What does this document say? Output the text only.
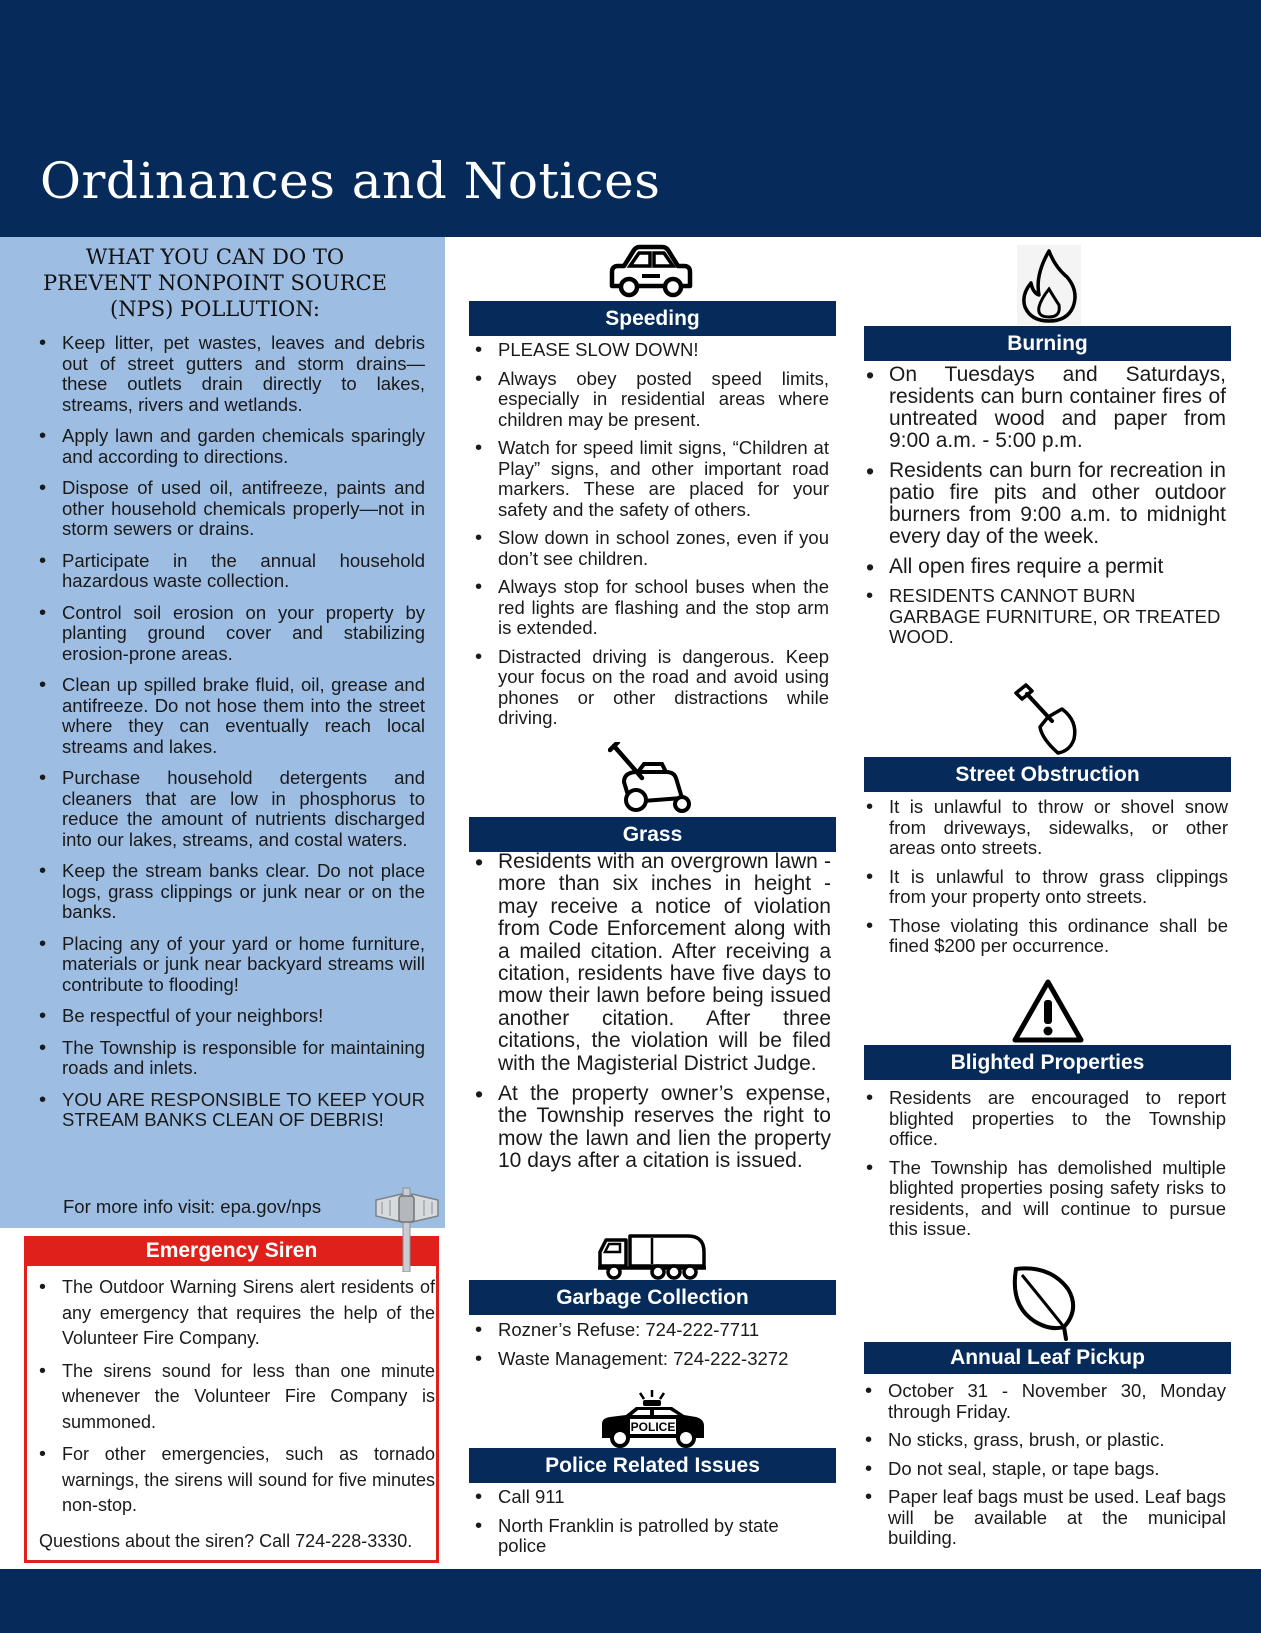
Ordinances and Notices
WHAT YOU CAN DO TO PREVENT NONPOINT SOURCE (NPS) POLLUTION:
• Keep litter, pet wastes, leaves and debris out of street gutters and storm drains—these outlets drain directly to lakes, streams, rivers and wetlands.
• Apply lawn and garden chemicals sparingly and according to directions.
• Dispose of used oil, antifreeze, paints and other household chemicals properly—not in storm sewers or drains.
• Participate in the annual household hazardous waste collection.
• Control soil erosion on your property by planting ground cover and stabilizing erosion-prone areas.
• Clean up spilled brake fluid, oil, grease and antifreeze. Do not hose them into the street where they can eventually reach local streams and lakes.
• Purchase household detergents and cleaners that are low in phosphorus to reduce the amount of nutrients discharged into our lakes, streams, and costal waters.
• Keep the stream banks clear. Do not place logs, grass clippings or junk near or on the banks.
• Placing any of your yard or home furniture, materials or junk near backyard streams will contribute to flooding!
• Be respectful of your neighbors!
• The Township is responsible for maintaining roads and inlets.
• YOU ARE RESPONSIBLE TO KEEP YOUR STREAM BANKS CLEAN OF DEBRIS!
For more info visit: epa.gov/nps
Emergency Siren
• The Outdoor Warning Sirens alert residents of any emergency that requires the help of the Volunteer Fire Company.
• The sirens sound for less than one minute whenever the Volunteer Fire Company is summoned.
• For other emergencies, such as tornado warnings, the sirens will sound for five minutes non-stop.
Questions about the siren? Call 724-228-3330.
Speeding
• PLEASE SLOW DOWN!
• Always obey posted speed limits, especially in residential areas where children may be present.
• Watch for speed limit signs, “Children at Play” signs, and other important road markers. These are placed for your safety and the safety of others.
• Slow down in school zones, even if you don’t see children.
• Always stop for school buses when the red lights are flashing and the stop arm is extended.
• Distracted driving is dangerous. Keep your focus on the road and avoid using phones or other distractions while driving.
Grass
• Residents with an overgrown lawn - more than six inches in height - may receive a notice of violation from Code Enforcement along with a mailed citation. After receiving a citation, residents have five days to mow their lawn before being issued another citation. After three citations, the violation will be filed with the Magisterial District Judge.
• At the property owner’s expense, the Township reserves the right to mow the lawn and lien the property 10 days after a citation is issued.
Garbage Collection
• Rozner’s Refuse: 724-222-7711
• Waste Management: 724-222-3272
POLICE
Police Related Issues
• Call 911
• North Franklin is patrolled by state police
Burning
• On Tuesdays and Saturdays, residents can burn container fires of untreated wood and paper from 9:00 a.m. - 5:00 p.m.
• Residents can burn for recreation in patio fire pits and other outdoor burners from 9:00 a.m. to midnight every day of the week.
• All open fires require a permit
• RESIDENTS CANNOT BURN GARBAGE FURNITURE, OR TREATED WOOD.
Street Obstruction
• It is unlawful to throw or shovel snow from driveways, sidewalks, or other areas onto streets.
• It is unlawful to throw grass clippings from your property onto streets.
• Those violating this ordinance shall be fined $200 per occurrence.
Blighted Properties
• Residents are encouraged to report blighted properties to the Township office.
• The Township has demolished multiple blighted properties posing safety risks to residents, and will continue to pursue this issue.
Annual Leaf Pickup
• October 31 - November 30, Monday through Friday.
• No sticks, grass, brush, or plastic.
• Do not seal, staple, or tape bags.
• Paper leaf bags must be used. Leaf bags will be available at the municipal building.
